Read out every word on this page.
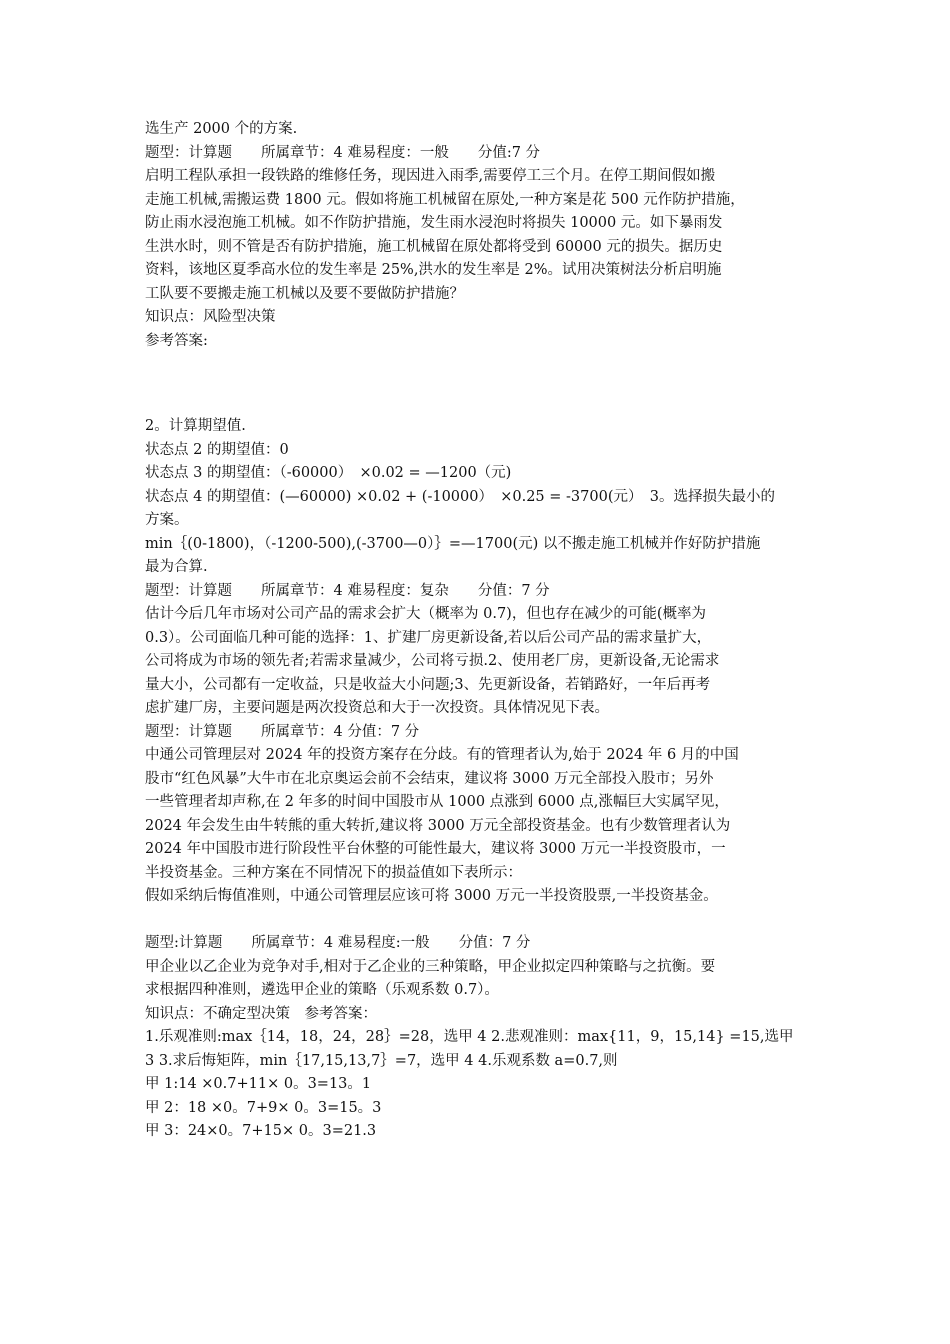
选生产 2000 个的方案.
题型：计算题　　所属章节：4 难易程度：一般　　分值:7 分
启明工程队承担一段铁路的维修任务，现因进入雨季,需要停工三个月。在停工期间假如搬
走施工机械,需搬运费 1800 元。假如将施工机械留在原处,一种方案是花 500 元作防护措施，
防止雨水浸泡施工机械。如不作防护措施，发生雨水浸泡时将损失 10000 元。如下暴雨发
生洪水时，则不管是否有防护措施，施工机械留在原处都将受到 60000 元的损失。据历史
资料，该地区夏季高水位的发生率是 25%,洪水的发生率是 2%。试用决策树法分析启明施
工队要不要搬走施工机械以及要不要做防护措施？
知识点：风险型决策
参考答案:
2。计算期望值.
状态点 2 的期望值：0
状态点 3 的期望值：（-60000）　×0.02 = —1200（元)
状态点 4 的期望值：(—60000) ×0.02 + (-10000）　×0.25 = -3700(元）　3。选择损失最小的
方案。
min｛(0-1800)，（-1200-500),(-3700—0）｝=—1700(元) 以不搬走施工机械并作好防护措施
最为合算.
题型：计算题　　所属章节：4 难易程度：复杂　　分值：7 分
估计今后几年市场对公司产品的需求会扩大（概率为 0.7)，但也存在减少的可能(概率为
0.3）。公司面临几种可能的选择：1、扩建厂房更新设备,若以后公司产品的需求量扩大，
公司将成为市场的领先者;若需求量减少，公司将亏损.2、使用老厂房，更新设备,无论需求
量大小，公司都有一定收益，只是收益大小问题;3、先更新设备，若销路好，一年后再考
虑扩建厂房，主要问题是两次投资总和大于一次投资。具体情况见下表。
题型：计算题　　所属章节：4 分值：7 分
中通公司管理层对 2024 年的投资方案存在分歧。有的管理者认为,始于 2024 年 6 月的中国
股市“红色风暴”大牛市在北京奥运会前不会结束，建议将 3000 万元全部投入股市；另外
一些管理者却声称,在 2 年多的时间中国股市从 1000 点涨到 6000 点,涨幅巨大实属罕见，
2024 年会发生由牛转熊的重大转折,建议将 3000 万元全部投资基金。也有少数管理者认为
2024 年中国股市进行阶段性平台休整的可能性最大，建议将 3000 万元一半投资股市，一
半投资基金。三种方案在不同情况下的损益值如下表所示：
假如采纳后悔值准则，中通公司管理层应该可将 3000 万元一半投资股票,一半投资基金。
题型:计算题　　所属章节：4 难易程度:一般　　分值：7 分
甲企业以乙企业为竞争对手,相对于乙企业的三种策略，甲企业拟定四种策略与之抗衡。要
求根据四种准则，遴选甲企业的策略（乐观系数 0.7）。
知识点：不确定型决策　参考答案：
1.乐观准则:max｛14，18，24，28｝=28，选甲 4 2.悲观准则：max{11，9，15,14} =15,选甲
3 3.求后悔矩阵，min｛17,15,13,7｝=7，选甲 4 4.乐观系数 a=0.7,则
甲 1:14 ×0.7+11× 0。3=13。1
甲 2：18 ×0。7+9× 0。3=15。3
甲 3：24×0。7+15× 0。3=21.3
